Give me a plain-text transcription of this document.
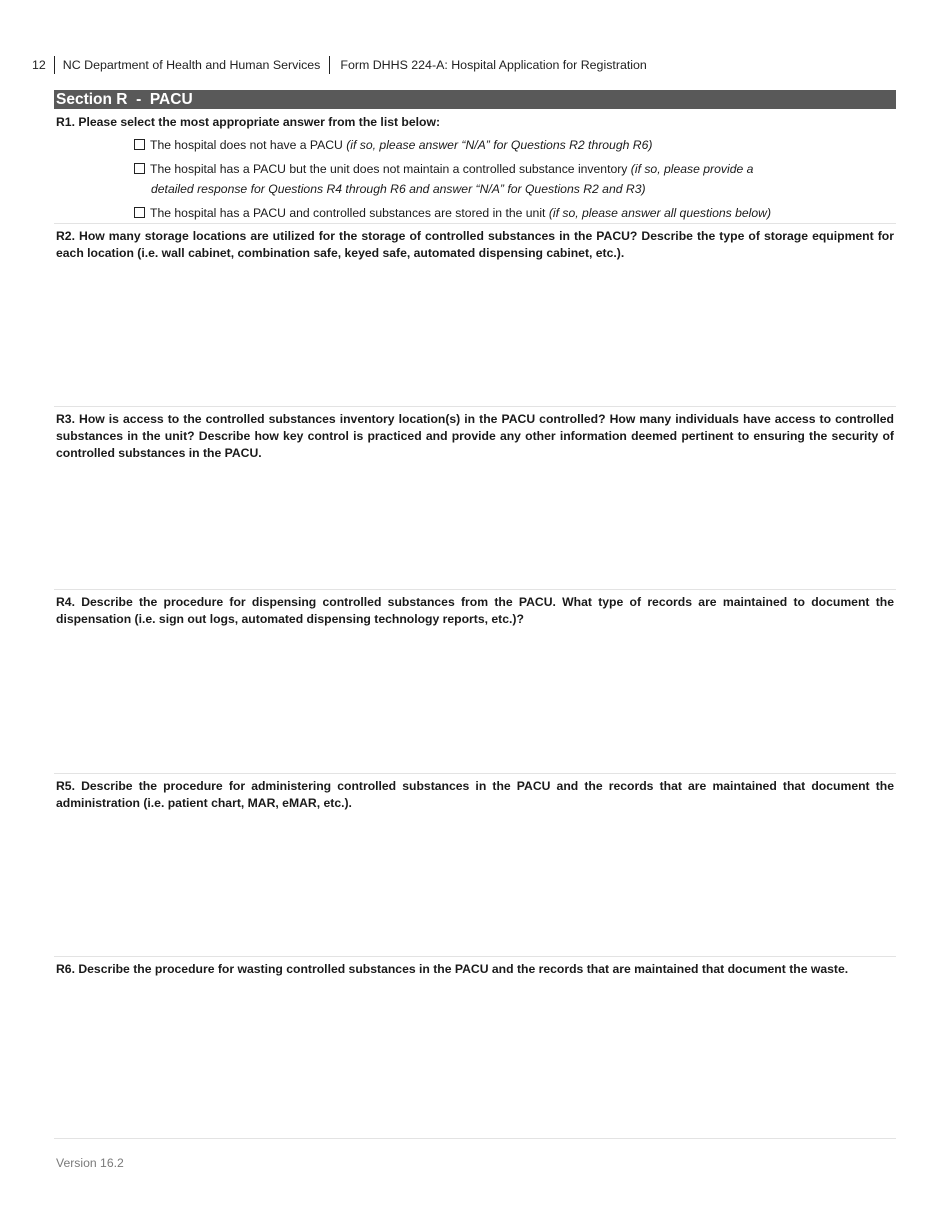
12	NC Department of Health and Human Services	Form DHHS 224-A: Hospital Application for Registration
Section R  -  PACU
R1. Please select the most appropriate answer from the list below:
The hospital does not have a PACU (if so, please answer “N/A” for Questions R2 through R6)
The hospital has a PACU but the unit does not maintain a controlled substance inventory (if so, please provide a
detailed response for Questions R4 through R6 and answer “N/A” for Questions R2 and R3)
The hospital has a PACU and controlled substances are stored in the unit (if so, please answer all questions below)
R2. How many storage locations are utilized for the storage of controlled substances in the PACU? Describe the type of storage equipment for each location (i.e. wall cabinet, combination safe, keyed safe, automated dispensing cabinet, etc.).
R3. How is access to the controlled substances inventory location(s) in the PACU controlled? How many individuals have access to controlled substances in the unit? Describe how key control is practiced and provide any other information deemed pertinent to ensuring the security of controlled substances in the PACU.
R4. Describe the procedure for dispensing controlled substances from the PACU. What type of records are maintained to document the dispensation (i.e. sign out logs, automated dispensing technology reports, etc.)?
R5. Describe the procedure for administering controlled substances in the PACU and the records that are maintained that document the administration (i.e. patient chart, MAR, eMAR, etc.).
R6. Describe the procedure for wasting controlled substances in the PACU and the records that are maintained that document the waste.
Version 16.2
